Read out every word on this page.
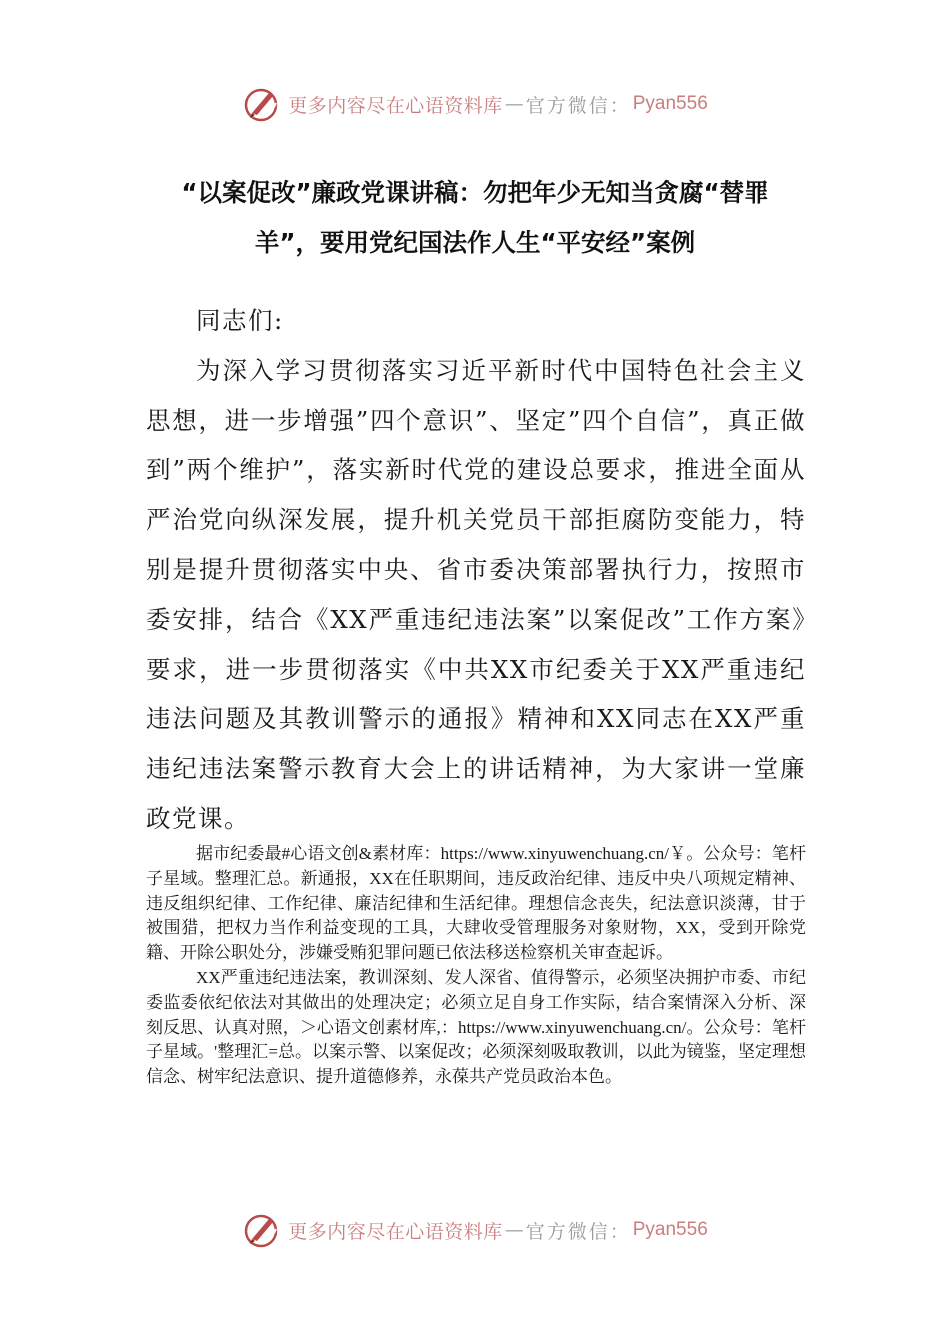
更多内容尽在心语资料库 — 官方微信： Pyan556
“以案促改”廉政党课讲稿：勿把年少无知当贪腐“替罪
羊”，要用党纪国法作人生“平安经”案例

同志们:

为深入学习贯彻落实习近平新时代中国特色社会主义思想，进一步增强”四个意识”、坚定”四个自信”，真正做到”两个维护”，落实新时代党的建设总要求，推进全面从严治党向纵深发展，提升机关党员干部拒腐防变能力，特别是提升贯彻落实中央、省市委决策部署执行力，按照市委安排，结合《XX严重违纪违法案”以案促改”工作方案》要求，进一步贯彻落实《中共XX市纪委关于XX严重违纪违法问题及其教训警示的通报》精神和XX同志在XX严重违纪违法案警示教育大会上的讲话精神，为大家讲一堂廉政党课。

据市纪委最#心语文创&素材库：https://www.xinyuwenchuang.cn/￥。公众号：笔杆子星域。整理汇总。新通报，XX在任职期间，违反政治纪律、违反中央八项规定精神、违反组织纪律、工作纪律、廉洁纪律和生活纪律。理想信念丧失，纪法意识淡薄，甘于被围猎，把权力当作利益变现的工具，大肆收受管理服务对象财物，XX，受到开除党籍、开除公职处分，涉嫌受贿犯罪问题已依法移送检察机关审查起诉。

XX严重违纪违法案，教训深刻、发人深省、值得警示，必须坚决拥护市委、市纪委监委依纪依法对其做出的处理决定；必须立足自身工作实际，结合案情深入分析、深刻反思、认真对照，＞心语文创素材库,：https://www.xinyuwenchuang.cn/。公众号：笔杆子星域。'整理汇=总。以案示警、以案促改；必须深刻吸取教训，以此为镜鉴，坚定理想信念、树牢纪法意识、提升道德修养，永葆共产党员政治本色。

更多内容尽在心语资料库 — 官方微信： Pyan556
